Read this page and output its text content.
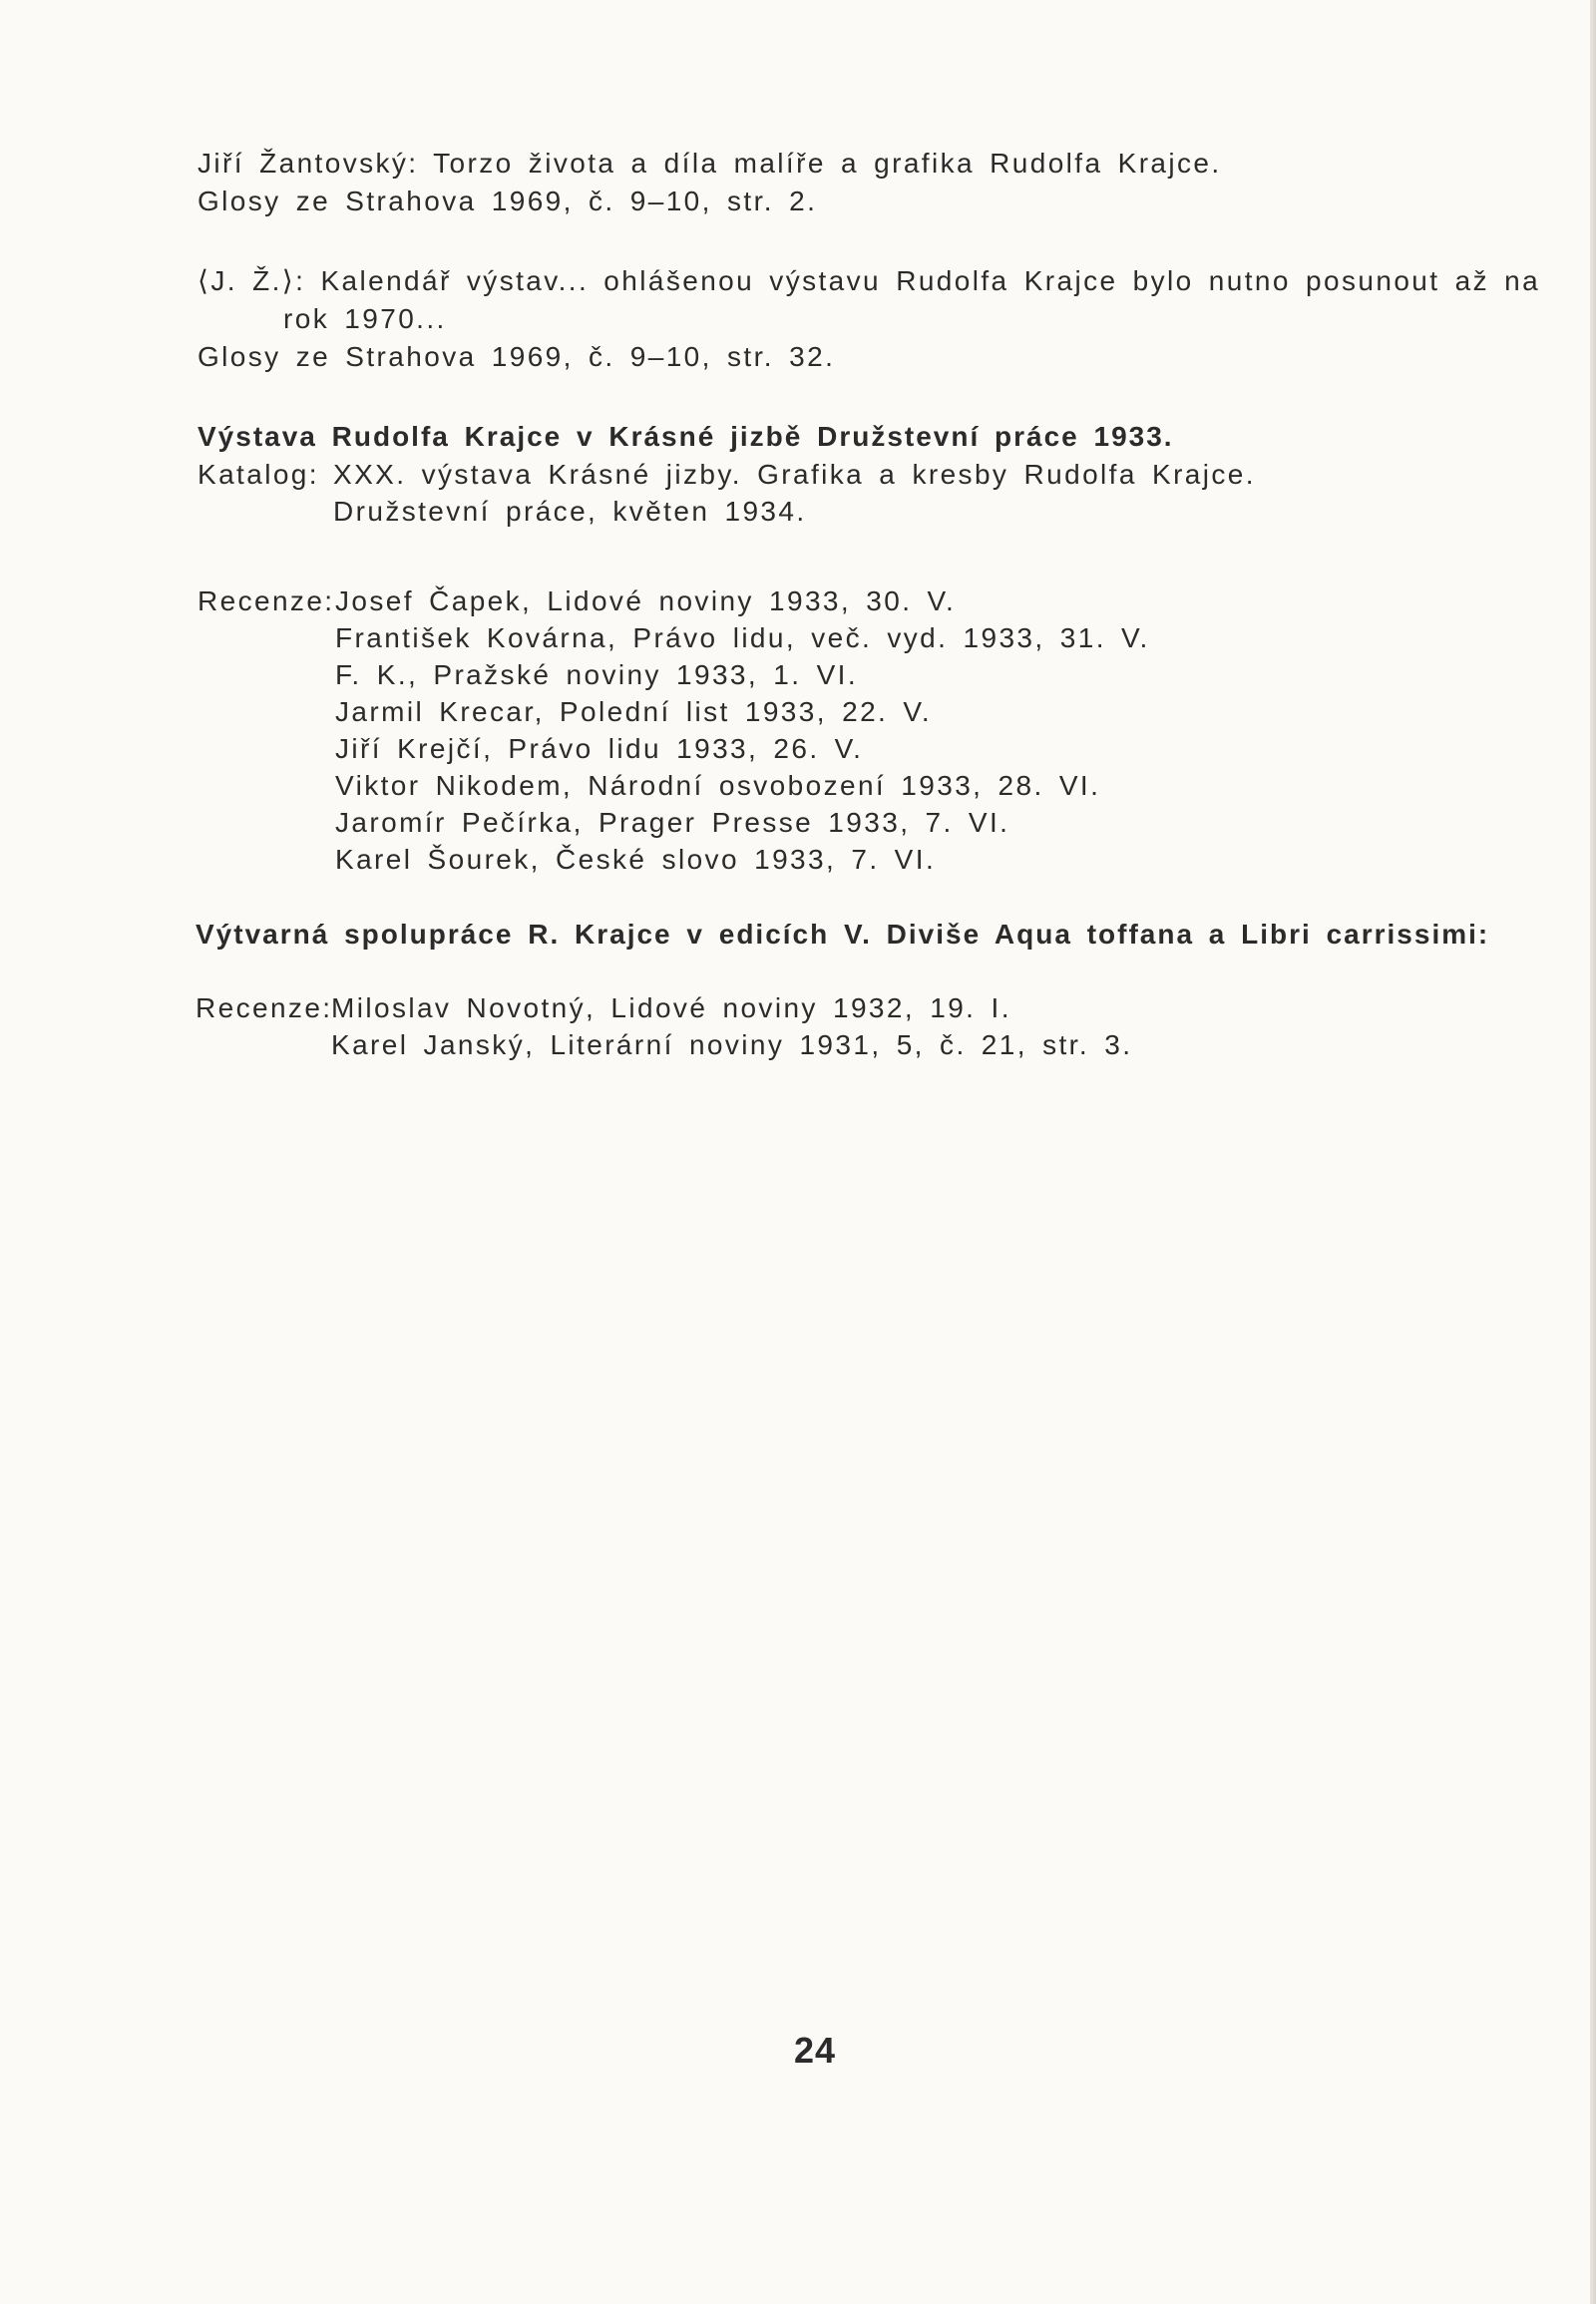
Jiří Žantovský: Torzo života a díla malíře a grafika Rudolfa Krajce.
Glosy ze Strahova 1969, č. 9–10, str. 2.
⟨J. Ž.⟩: Kalendář výstav... ohlášenou výstavu Rudolfa Krajce bylo nutno posunout až na
rok 1970...
Glosy ze Strahova 1969, č. 9–10, str. 32.
Výstava Rudolfa Krajce v Krásné jizbě Družstevní práce 1933.
Katalog: XXX. výstava Krásné jizby. Grafika a kresby Rudolfa Krajce.
Družstevní práce, květen 1934.
Recenze: Josef Čapek, Lidové noviny 1933, 30. V.
František Kovárna, Právo lidu, več. vyd. 1933, 31. V.
F. K., Pražské noviny 1933, 1. VI.
Jarmil Krecar, Polední list 1933, 22. V.
Jiří Krejčí, Právo lidu 1933, 26. V.
Viktor Nikodem, Národní osvobození 1933, 28. VI.
Jaromír Pečírka, Prager Presse 1933, 7. VI.
Karel Šourek, České slovo 1933, 7. VI.
Výtvarná spolupráce R. Krajce v edicích V. Diviše Aqua toffana a Libri carrissimi:
Recenze:
Miloslav Novotný, Lidové noviny 1932, 19. I.
Karel Janský, Literární noviny 1931, 5, č. 21, str. 3.
24
